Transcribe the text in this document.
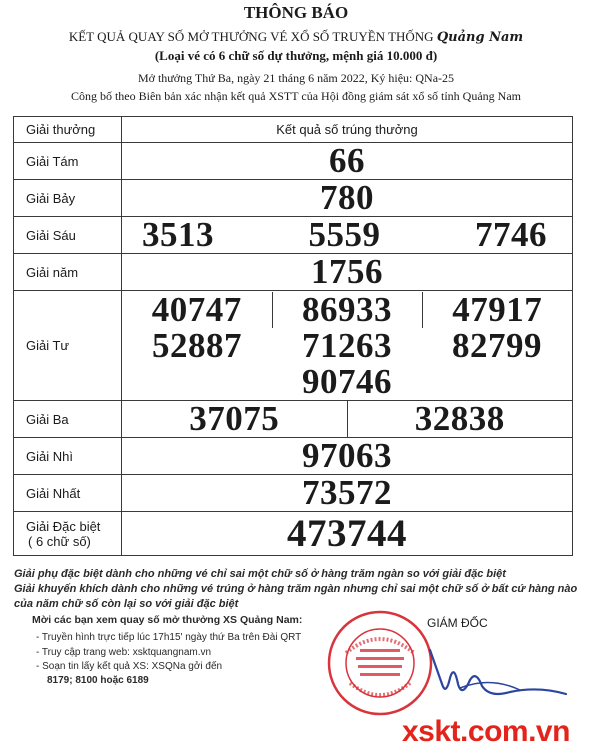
THÔNG BÁO
KẾT QUẢ QUAY SỐ MỞ THƯỞNG VÉ XỔ SỐ TRUYỀN THỐNG Quảng Nam
(Loại vé có 6 chữ số dự thưởng, mệnh giá 10.000 đ)
Mở thưởng Thứ Ba, ngày 21 tháng 6 năm 2022, Ký hiệu: QNa-25
Công bố theo Biên bản xác nhận kết quả XSTT của Hội đồng giám sát xổ số tỉnh Quảng Nam
Giải thưởng	Kết quả số trúng thưởng
Giải Tám	66
Giải Bảy	780
Giải Sáu	3513	5559	7746

Giải năm	1756
Giải Tư	
40747	86933	47917
52887	71263	82799
90746

Giải Ba		37075	32838

Giải Nhì	97063
Giải Nhất	73572

Giải Đặc biệt
( 6 chữ số)	473744
Giải phụ đặc biệt dành cho những vé chỉ sai một chữ số ở hàng trăm ngàn so với giải đặc biệt
Giải khuyến khích dành cho những vé trúng ở hàng trăm ngàn nhưng chỉ sai một chữ số ở bất cứ hàng nào
của năm chữ số còn lại so với giải đặc biệt
Mời các bạn xem quay số mở thưởng XS Quảng Nam:
- Truyền hình trực tiếp lúc 17h15' ngày thứ Ba trên Đài QRT
- Truy cập trang web: xsktquangnam.vn
- Soạn tin lấy kết quả XS: XSQNa gởi đến
8179; 8100 hoặc 6189
GIÁM ĐỐC
xskt.com.vn
